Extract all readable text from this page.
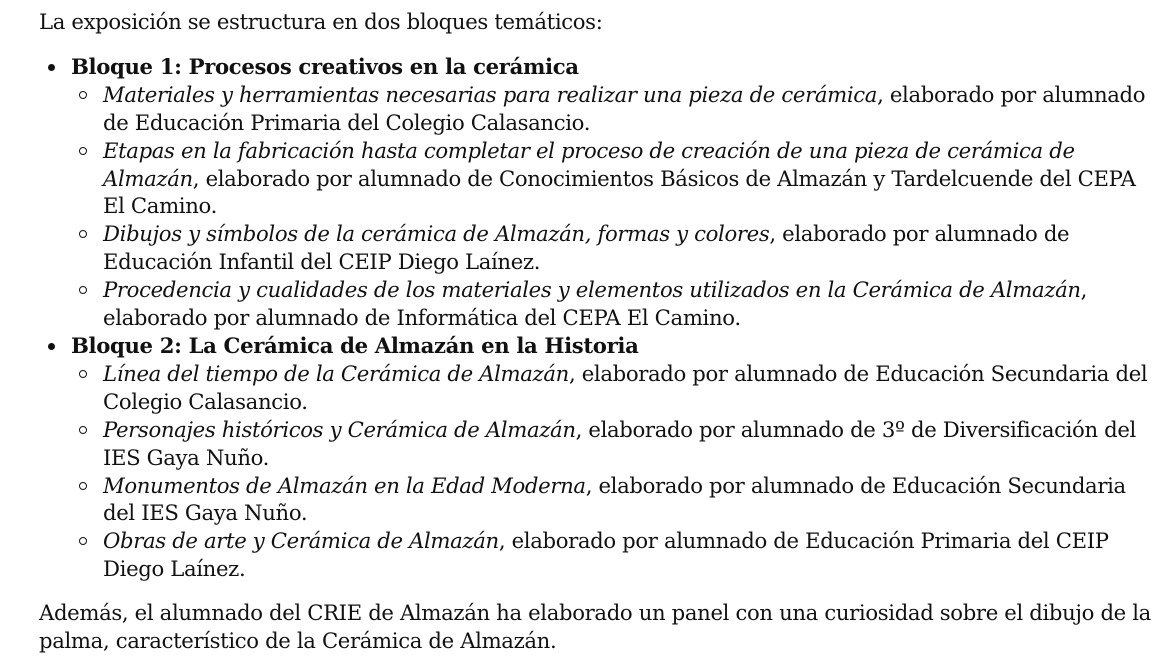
La exposición se estructura en dos bloques temáticos:

Bloque 1: Procesos creativos en la cerámica
Materiales y herramientas necesarias para realizar una pieza de cerámica, elaborado por alumnado de Educación Primaria del Colegio Calasancio.
Etapas en la fabricación hasta completar el proceso de creación de una pieza de cerámica de Almazán, elaborado por alumnado de Conocimientos Básicos de Almazán y Tardelcuende del CEPA El Camino.
Dibujos y símbolos de la cerámica de Almazán, formas y colores, elaborado por alumnado de Educación Infantil del CEIP Diego Laínez.
Procedencia y cualidades de los materiales y elementos utilizados en la Cerámica de Almazán, elaborado por alumnado de Informática del CEPA El Camino.
Bloque 2: La Cerámica de Almazán en la Historia
Línea del tiempo de la Cerámica de Almazán, elaborado por alumnado de Educación Secundaria del Colegio Calasancio.
Personajes históricos y Cerámica de Almazán, elaborado por alumnado de 3º de Diversificación del IES Gaya Nuño.
Monumentos de Almazán en la Edad Moderna, elaborado por alumnado de Educación Secundaria del IES Gaya Nuño.
Obras de arte y Cerámica de Almazán, elaborado por alumnado de Educación Primaria del CEIP Diego Laínez.

Además, el alumnado del CRIE de Almazán ha elaborado un panel con una curiosidad sobre el dibujo de la palma, característico de la Cerámica de Almazán.
